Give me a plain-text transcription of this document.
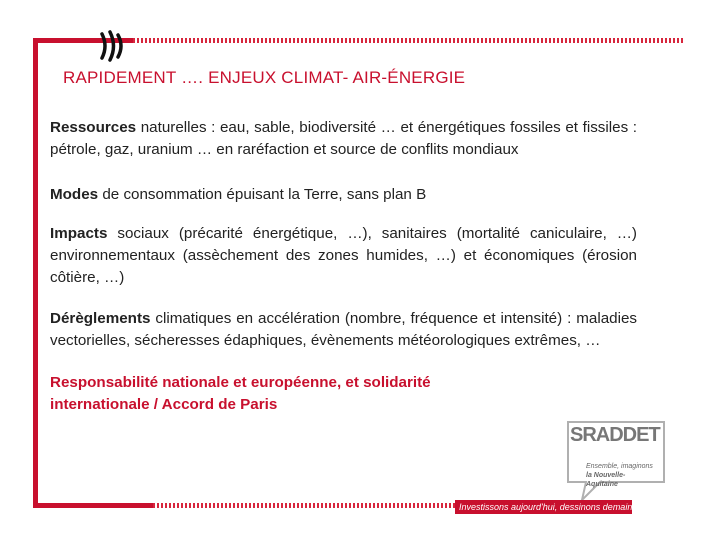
RAPIDEMENT …. ENJEUX CLIMAT- AIR-ÉNERGIE

Ressources naturelles : eau, sable, biodiversité … et énergétiques fossiles et fissiles : pétrole, gaz, uranium … en raréfaction et source de conflits mondiaux

Modes de consommation épuisant la Terre, sans plan B

Impacts sociaux (précarité énergétique, …), sanitaires (mortalité caniculaire, …) environnementaux (assèchement des zones humides, …) et économiques (érosion côtière, …)

Dérèglements climatiques en accélération (nombre, fréquence et intensité) : maladies vectorielles, sécheresses édaphiques, évènements météorologiques extrêmes, …

Responsabilité nationale et européenne, et solidarité
internationale / Accord de Paris

SRADDET
Ensemble, imaginons
la Nouvelle-Aquitaine
Investissons aujourd'hui, dessinons demain
